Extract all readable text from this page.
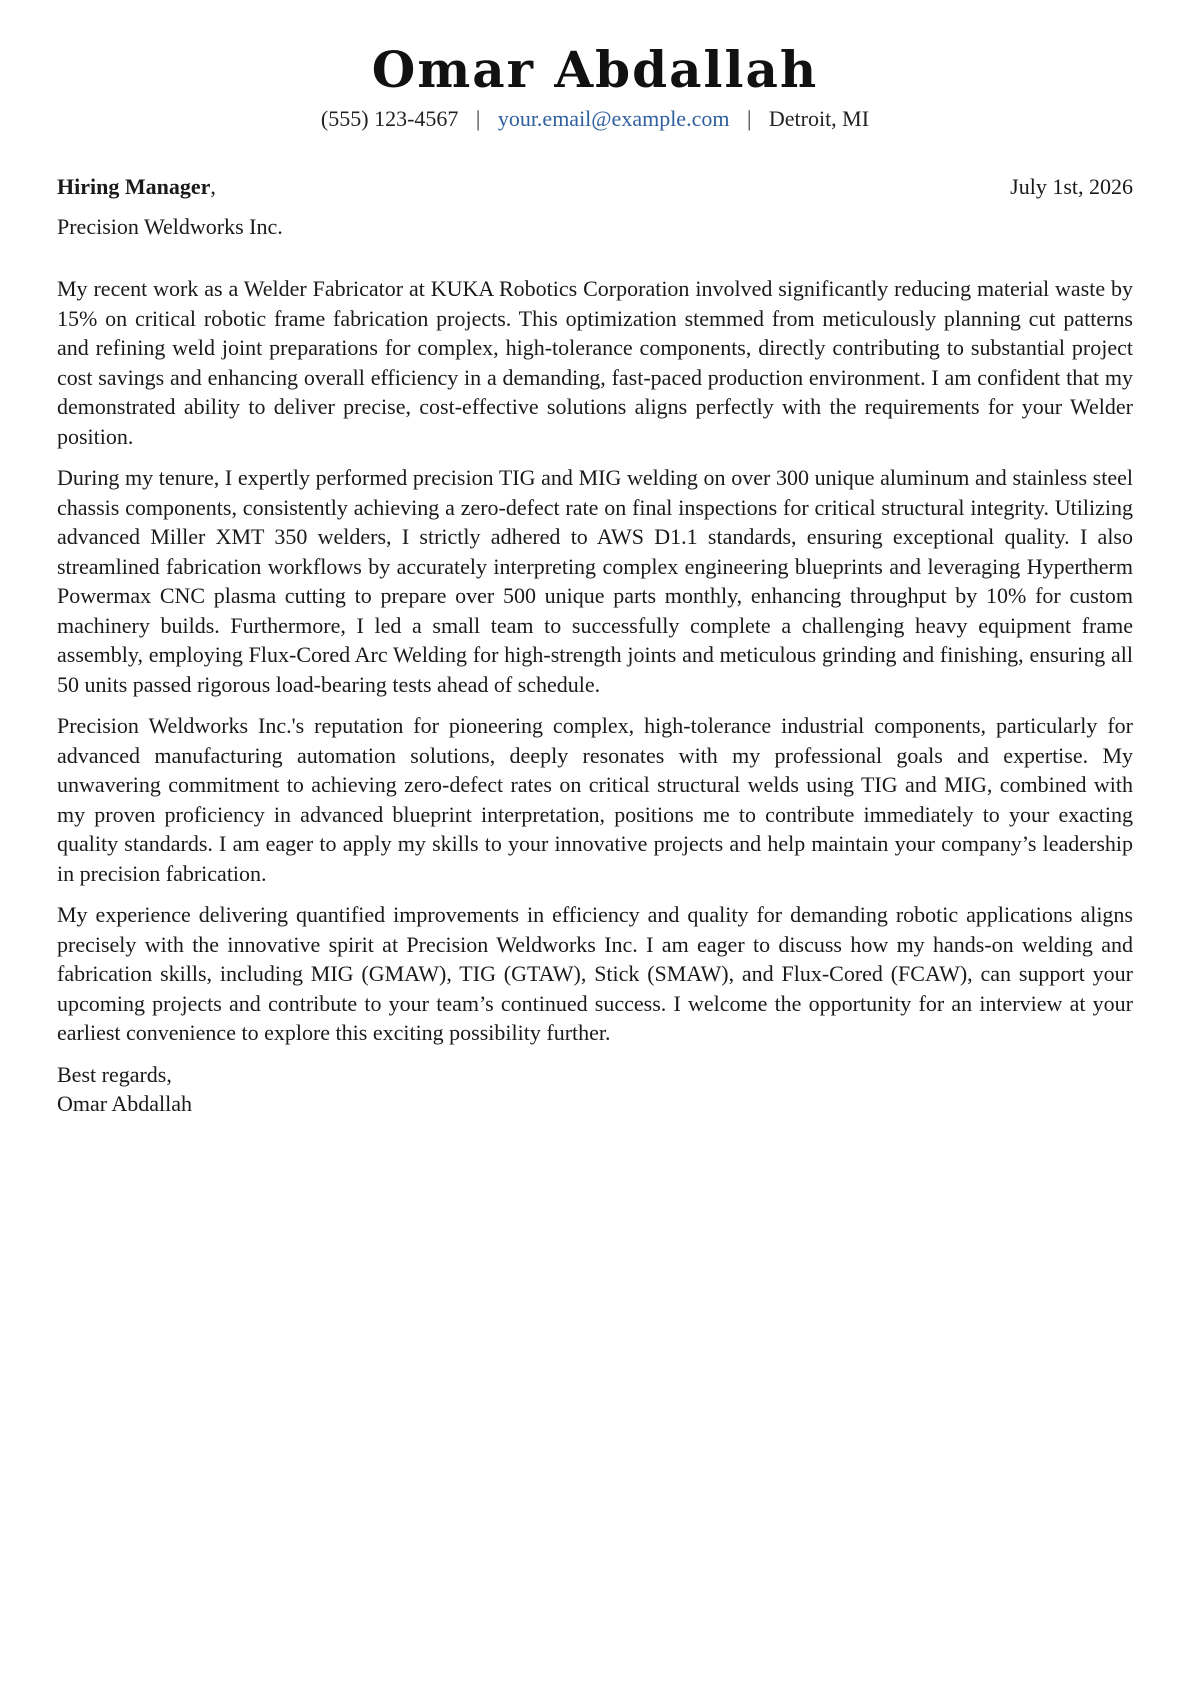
Omar Abdallah
(555) 123-4567 | your.email@example.com | Detroit, MI
Hiring Manager,	July 1st, 2026
Precision Weldworks Inc.

My recent work as a Welder Fabricator at KUKA Robotics Corporation involved significantly reducing material waste by 15% on critical robotic frame fabrication projects. This optimization stemmed from meticulously planning cut patterns and refining weld joint preparations for complex, high-tolerance components, directly contributing to substantial project cost savings and enhancing overall efficiency in a demanding, fast-paced production environment. I am confident that my demonstrated ability to deliver precise, cost-effective solutions aligns perfectly with the requirements for your Welder position.

During my tenure, I expertly performed precision TIG and MIG welding on over 300 unique aluminum and stainless steel chassis components, consistently achieving a zero-defect rate on final inspections for critical structural integrity. Utilizing advanced Miller XMT 350 welders, I strictly adhered to AWS D1.1 standards, ensuring exceptional quality. I also streamlined fabrication workflows by accurately interpreting complex engineering blueprints and leveraging Hypertherm Powermax CNC plasma cutting to prepare over 500 unique parts monthly, enhancing throughput by 10% for custom machinery builds. Furthermore, I led a small team to successfully complete a challenging heavy equipment frame assembly, employing Flux-Cored Arc Welding for high-strength joints and meticulous grinding and finishing, ensuring all 50 units passed rigorous load-bearing tests ahead of schedule.

Precision Weldworks Inc.'s reputation for pioneering complex, high-tolerance industrial components, particularly for advanced manufacturing automation solutions, deeply resonates with my professional goals and expertise. My unwavering commitment to achieving zero-defect rates on critical structural welds using TIG and MIG, combined with my proven proficiency in advanced blueprint interpretation, positions me to contribute immediately to your exacting quality standards. I am eager to apply my skills to your innovative projects and help maintain your company’s leadership in precision fabrication.

My experience delivering quantified improvements in efficiency and quality for demanding robotic applications aligns precisely with the innovative spirit at Precision Weldworks Inc. I am eager to discuss how my hands-on welding and fabrication skills, including MIG (GMAW), TIG (GTAW), Stick (SMAW), and Flux-Cored (FCAW), can support your upcoming projects and contribute to your team’s continued success. I welcome the opportunity for an interview at your earliest convenience to explore this exciting possibility further.

Best regards,
Omar Abdallah
